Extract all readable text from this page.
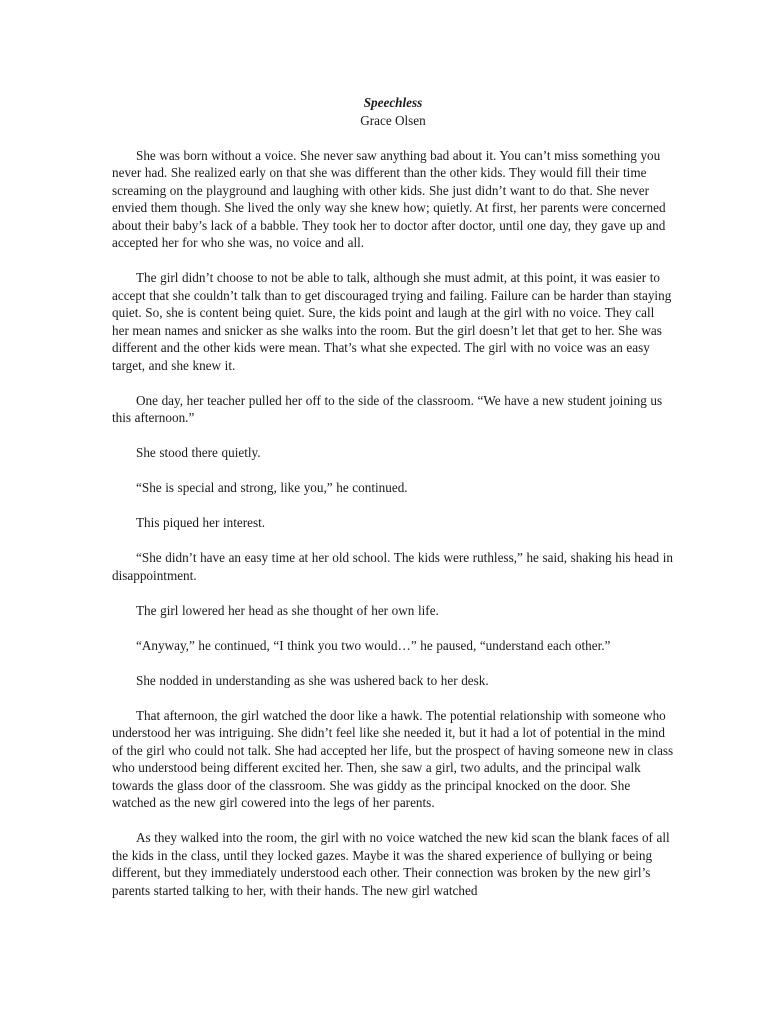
Speechless
Grace Olsen

She was born without a voice. She never saw anything bad about it. You can’t miss something you never had. She realized early on that she was different than the other kids. They would fill their time screaming on the playground and laughing with other kids. She just didn’t want to do that. She never envied them though. She lived the only way she knew how; quietly. At first, her parents were concerned about their baby’s lack of a babble. They took her to doctor after doctor, until one day, they gave up and accepted her for who she was, no voice and all.

The girl didn’t choose to not be able to talk, although she must admit, at this point, it was easier to accept that she couldn’t talk than to get discouraged trying and failing. Failure can be harder than staying quiet. So, she is content being quiet. Sure, the kids point and laugh at the girl with no voice. They call her mean names and snicker as she walks into the room. But the girl doesn’t let that get to her. She was different and the other kids were mean. That’s what she expected. The girl with no voice was an easy target, and she knew it.

One day, her teacher pulled her off to the side of the classroom. “We have a new student joining us this afternoon.”

She stood there quietly.

“She is special and strong, like you,” he continued.

This piqued her interest.

“She didn’t have an easy time at her old school. The kids were ruthless,” he said, shaking his head in disappointment.

The girl lowered her head as she thought of her own life.

“Anyway,” he continued, “I think you two would…” he paused, “understand each other.”

She nodded in understanding as she was ushered back to her desk.

That afternoon, the girl watched the door like a hawk. The potential relationship with someone who understood her was intriguing. She didn’t feel like she needed it, but it had a lot of potential in the mind of the girl who could not talk. She had accepted her life, but the prospect of having someone new in class who understood being different excited her. Then, she saw a girl, two adults, and the principal walk towards the glass door of the classroom. She was giddy as the principal knocked on the door. She watched as the new girl cowered into the legs of her parents.

As they walked into the room, the girl with no voice watched the new kid scan the blank faces of all the kids in the class, until they locked gazes. Maybe it was the shared experience of bullying or being different, but they immediately understood each other. Their connection was broken by the new girl’s parents started talking to her, with their hands. The new girl watched
